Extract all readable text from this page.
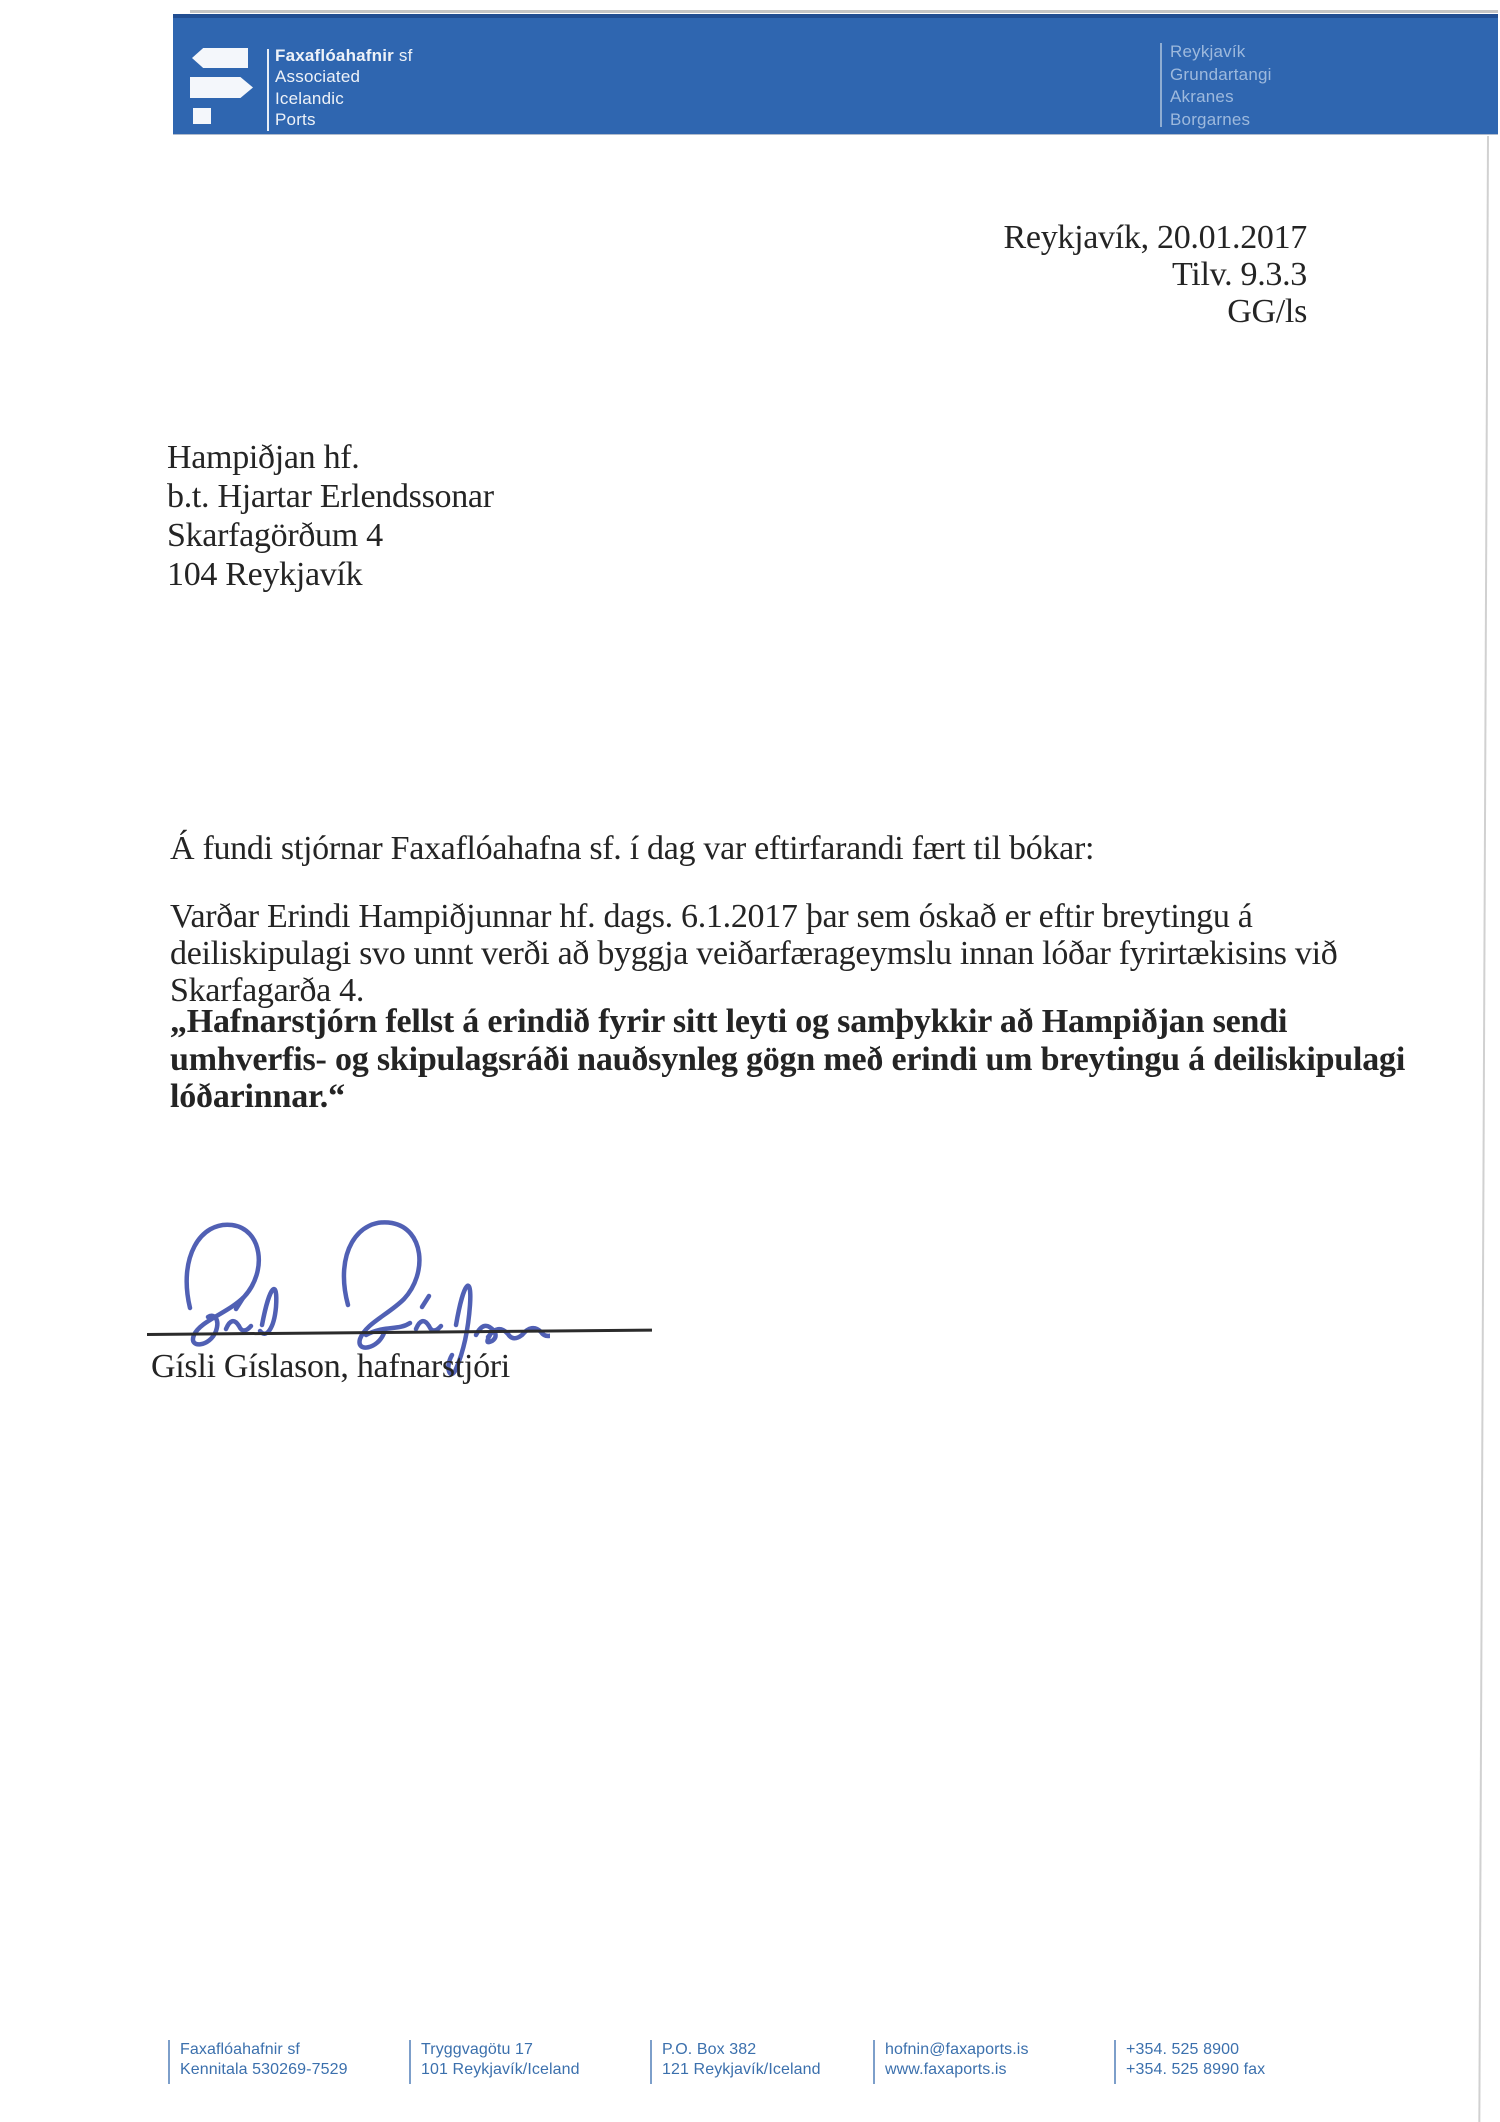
Faxaflóahafnir sf
Associated
Icelandic
Ports
Reykjavík
Grundartangi
Akranes
Borgarnes
Reykjavík, 20.01.2017
Tilv. 9.3.3
GG/ls
Hampiðjan hf.
b.t. Hjartar Erlendssonar
Skarfagörðum 4
104 Reykjavík
Á fundi stjórnar Faxaflóahafna sf. í dag var eftirfarandi fært til bókar:
Varðar Erindi Hampiðjunnar hf. dags. 6.1.2017 þar sem óskað er eftir breytingu á
deiliskipulagi svo unnt verði að byggja veiðarfærageymslu innan lóðar fyrirtækisins við
Skarfagarða 4.
„Hafnarstjórn fellst á erindið fyrir sitt leyti og samþykkir að Hampiðjan sendi
umhverfis- og skipulagsráði nauðsynleg gögn með erindi um breytingu á deiliskipulagi
lóðarinnar.“
Gísli Gíslason, hafnarstjóri
Faxaflóahafnir sf
Kennitala 530269-7529
Tryggvagötu 17
101 Reykjavík/Iceland
P.O. Box 382
121 Reykjavík/Iceland
hofnin@faxaports.is
www.faxaports.is
+354. 525 8900
+354. 525 8990 fax
